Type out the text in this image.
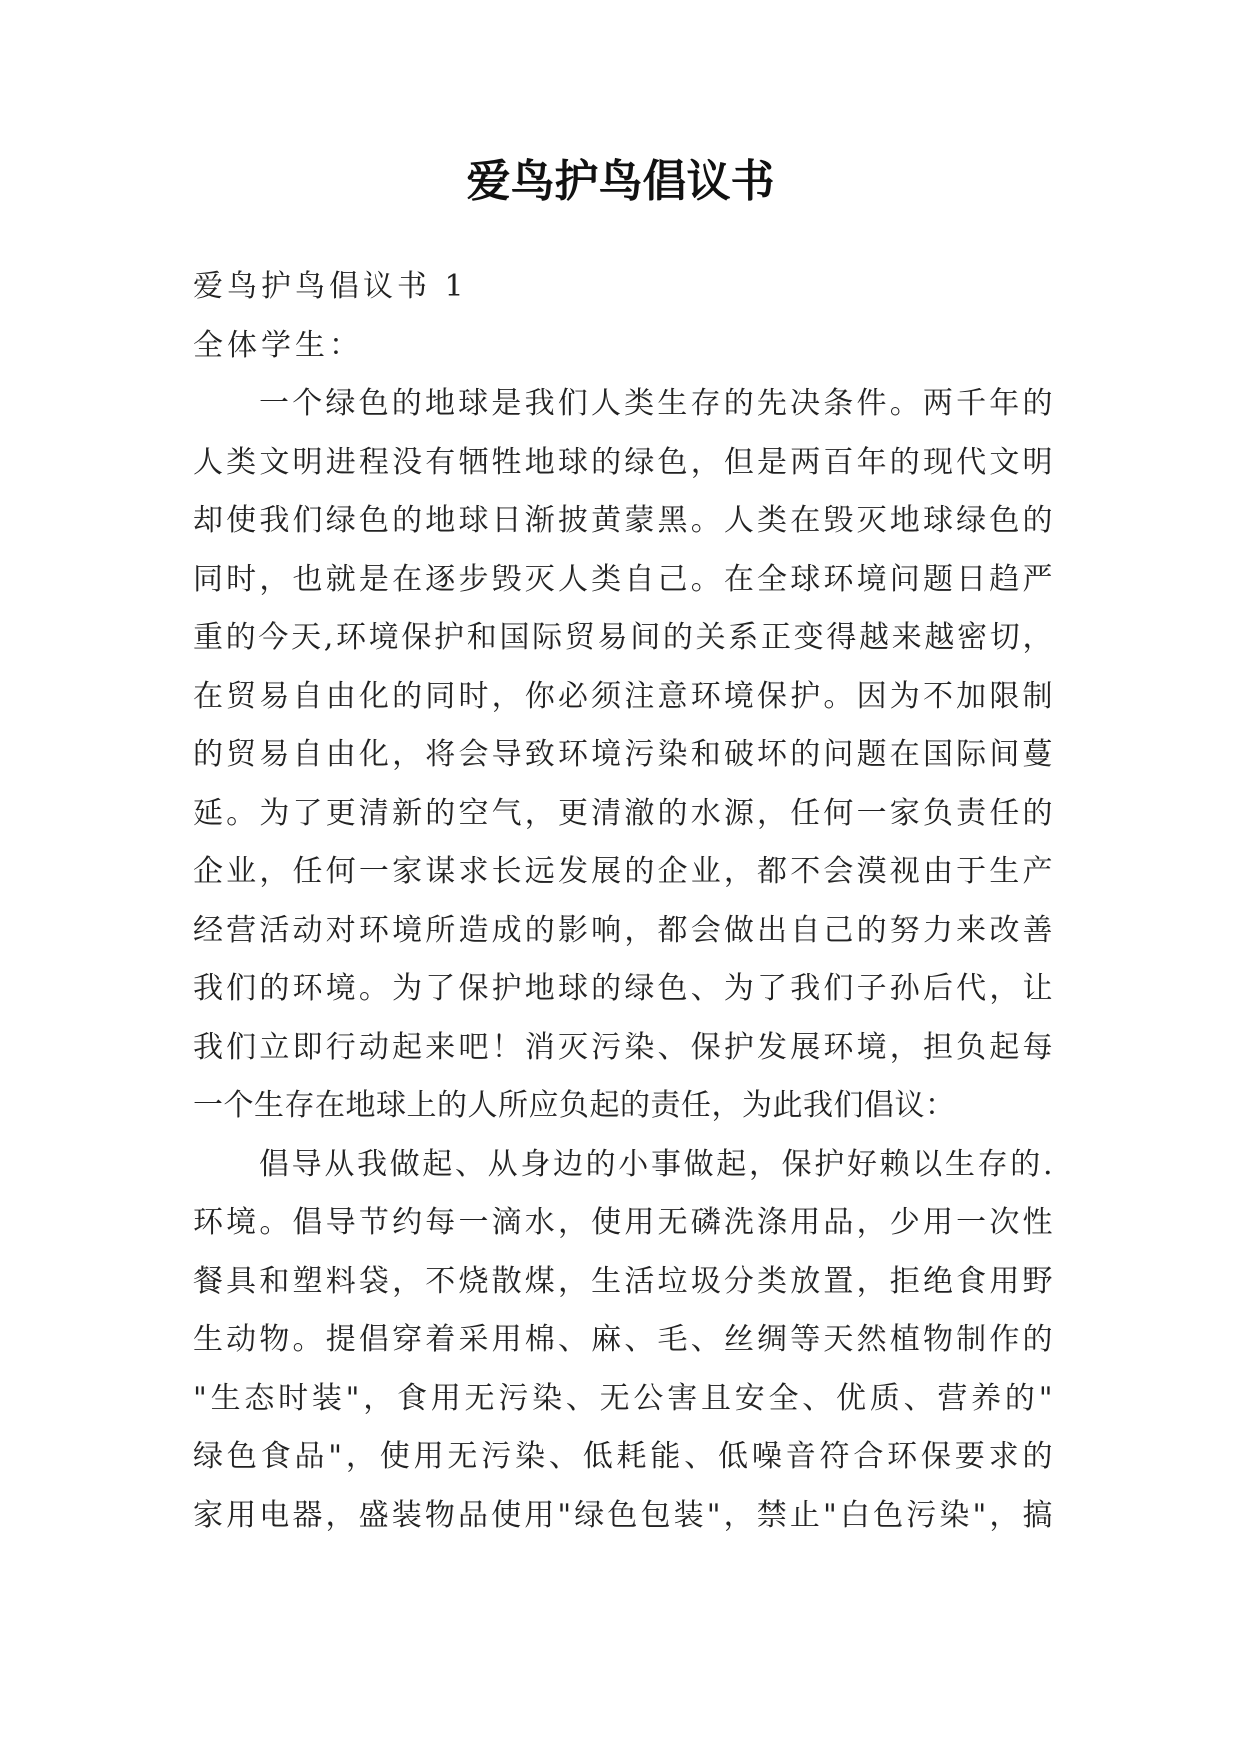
爱鸟护鸟倡议书

爱鸟护鸟倡议书 1

全体学生：

一个绿色的地球是我们人类生存的先决条件。两千年的
人类文明进程没有牺牲地球的绿色，但是两百年的现代文明
却使我们绿色的地球日渐披黄蒙黑。人类在毁灭地球绿色的
同时，也就是在逐步毁灭人类自己。在全球环境问题日趋严
重的今天,环境保护和国际贸易间的关系正变得越来越密切，
在贸易自由化的同时，你必须注意环境保护。因为不加限制
的贸易自由化，将会导致环境污染和破坏的问题在国际间蔓
延。为了更清新的空气，更清澈的水源，任何一家负责任的
企业，任何一家谋求长远发展的企业，都不会漠视由于生产
经营活动对环境所造成的影响，都会做出自己的努力来改善
我们的环境。为了保护地球的绿色、为了我们子孙后代，让
我们立即行动起来吧！消灭污染、保护发展环境，担负起每
一个生存在地球上的人所应负起的责任，为此我们倡议：
倡导从我做起、从身边的小事做起，保护好赖以生存的.
环境。倡导节约每一滴水，使用无磷洗涤用品，少用一次性
餐具和塑料袋，不烧散煤，生活垃圾分类放置，拒绝食用野
生动物。提倡穿着采用棉、麻、毛、丝绸等天然植物制作的
"生态时装"，食用无污染、无公害且安全、优质、营养的"
绿色食品"，使用无污染、低耗能、低噪音符合环保要求的
家用电器，盛装物品使用"绿色包装"，禁止"白色污染"，搞
